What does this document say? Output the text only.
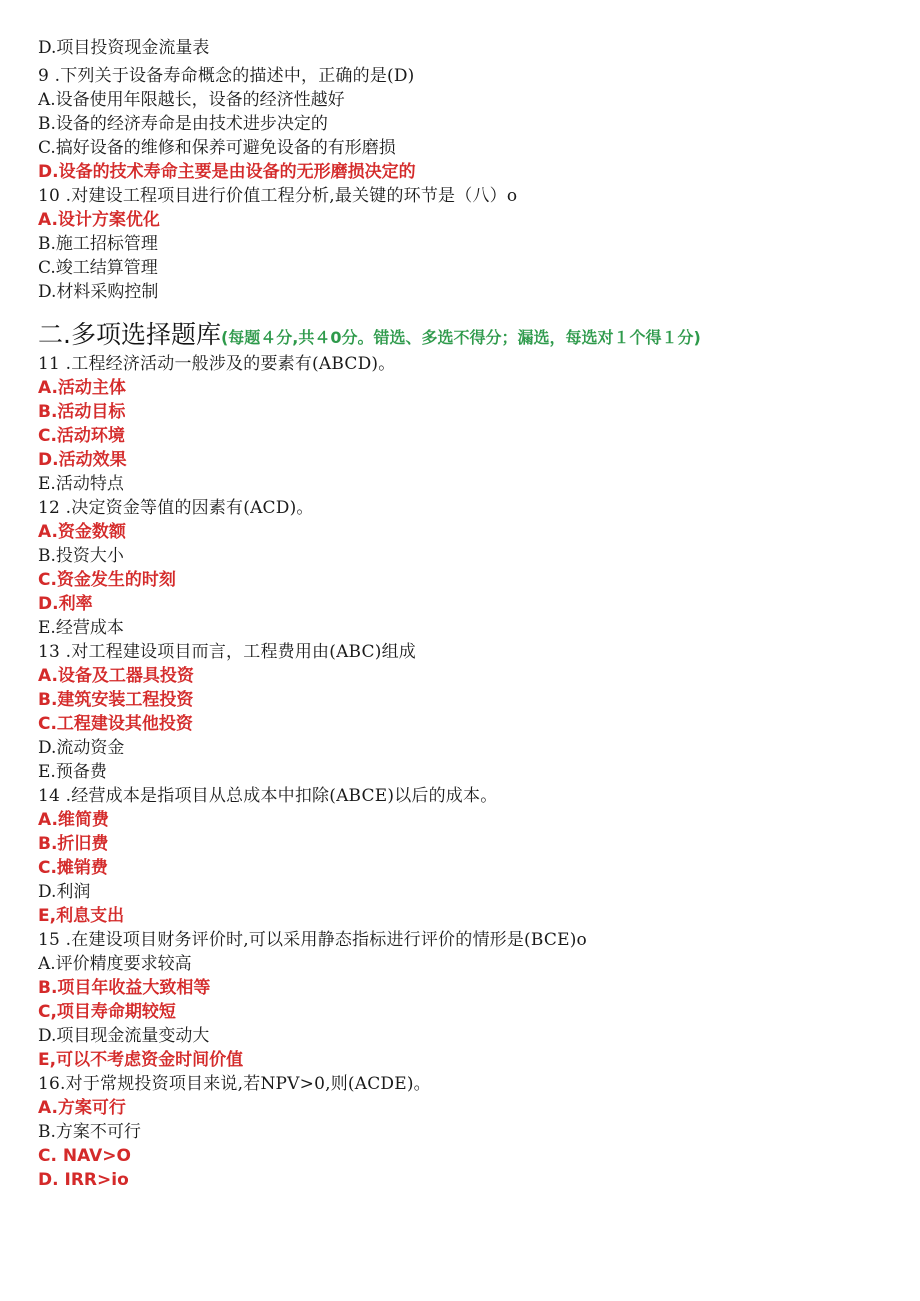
D.项目投资现金流量表
9 .下列关于设备寿命概念的描述中，正确的是(D)
A.设备使用年限越长，设备的经济性越好
B.设备的经济寿命是由技术进步决定的
C.搞好设备的维修和保养可避免设备的有形磨损
D.设备的技术寿命主要是由设备的无形磨损决定的
10 .对建设工程项目进行价值工程分析,最关键的环节是（八）o
A.设计方案优化
B.施工招标管理
C.竣工结算管理
D.材料采购控制
二.多项选择题库(每题４分,共４0分。错选、多选不得分；漏选，每选对１个得１分)
11 .工程经济活动一般涉及的要素有(ABCD)。
A.活动主体
B.活动目标
C.活动环境
D.活动效果
E.活动特点
12 .决定资金等值的因素有(ACD)。
A.资金数额
B.投资大小
C.资金发生的时刻
D.利率
E.经营成本
13 .对工程建设项目而言，工程费用由(ABC)组成
A.设备及工器具投资
B.建筑安装工程投资
C.工程建设其他投资
D.流动资金
E.预备费
14 .经营成本是指项目从总成本中扣除(ABCE)以后的成本。
A.维简费
B.折旧费
C.摊销费
D.利润
E,利息支出
15 .在建设项目财务评价时,可以采用静态指标进行评价的情形是(BCE)o
A.评价精度要求较高
B.项目年收益大致相等
C,项目寿命期较短
D.项目现金流量变动大
E,可以不考虑资金时间价值
16.对于常规投资项目来说,若NPV>0,则(ACDE)。
A.方案可行
B.方案不可行
C. NAV>O
D. IRR>io
